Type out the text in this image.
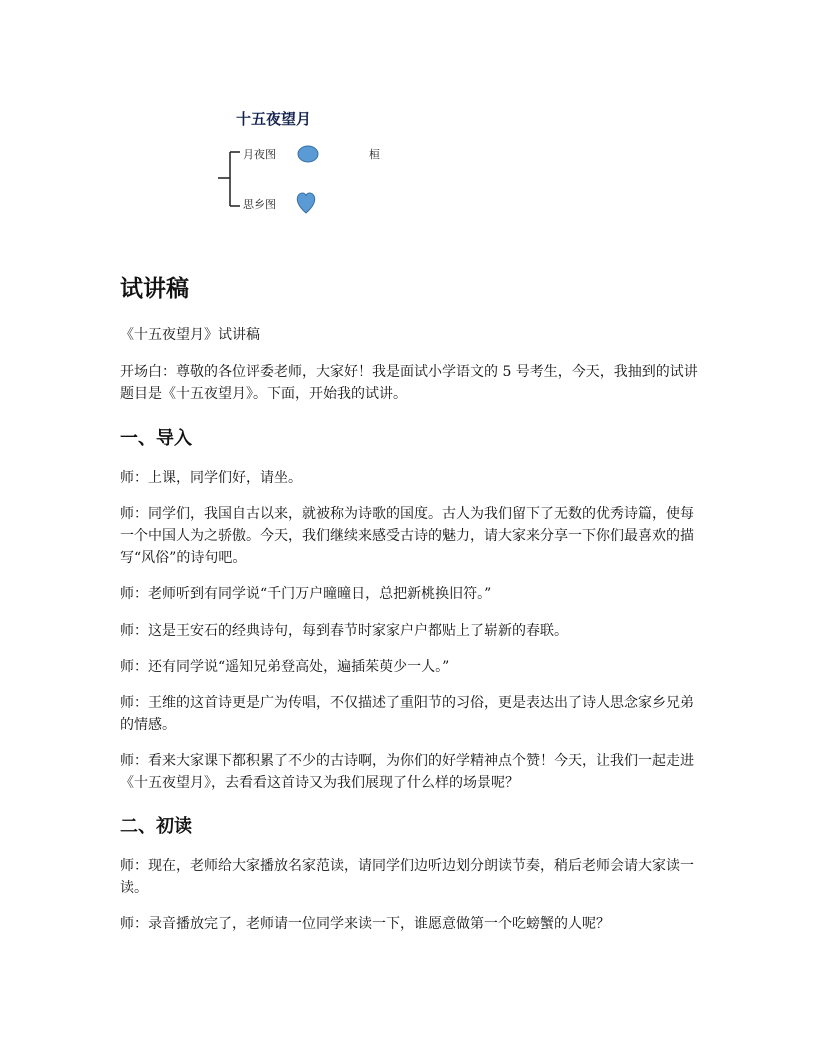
十五夜望月
月夜图
思乡图
桓
试讲稿

《十五夜望月》试讲稿

开场白：尊敬的各位评委老师，大家好！我是面试小学语文的 5 号考生，今天，我抽到的试讲题目是《十五夜望月》。下面，开始我的试讲。

一、导入

师：上课，同学们好，请坐。

师：同学们，我国自古以来，就被称为诗歌的国度。古人为我们留下了无数的优秀诗篇，使每一个中国人为之骄傲。今天，我们继续来感受古诗的魅力，请大家来分享一下你们最喜欢的描写“风俗”的诗句吧。

师：老师听到有同学说“千门万户曈曈日，总把新桃换旧符。”

师：这是王安石的经典诗句，每到春节时家家户户都贴上了崭新的春联。

师：还有同学说“遥知兄弟登高处，遍插茱萸少一人。”

师：王维的这首诗更是广为传唱，不仅描述了重阳节的习俗，更是表达出了诗人思念家乡兄弟的情感。

师：看来大家课下都积累了不少的古诗啊，为你们的好学精神点个赞！今天，让我们一起走进《十五夜望月》，去看看这首诗又为我们展现了什么样的场景呢？

二、初读

师：现在，老师给大家播放名家范读，请同学们边听边划分朗读节奏，稍后老师会请大家读一读。

师：录音播放完了，老师请一位同学来读一下，谁愿意做第一个吃螃蟹的人呢？
